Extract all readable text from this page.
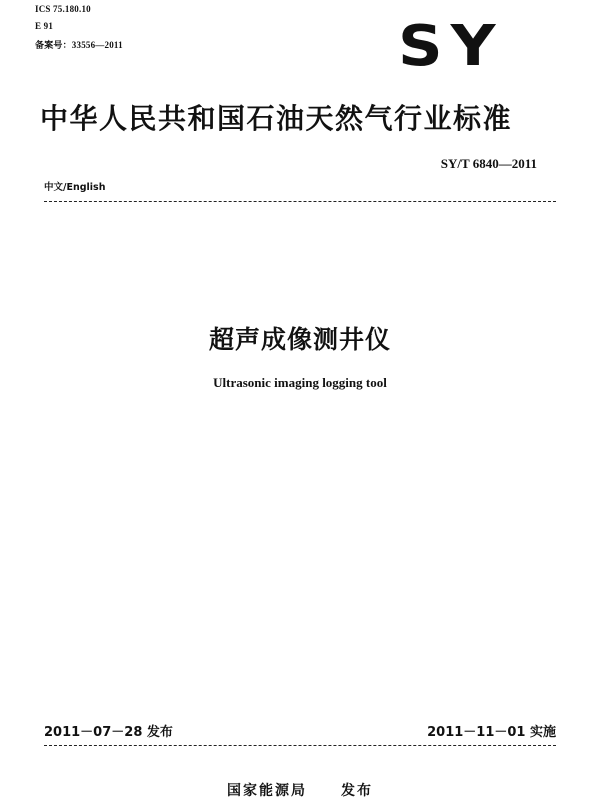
ICS 75.180.10
E 91
备案号：33556—2011	SY
中华人民共和国石油天然气行业标准
SY/T 6840—2011
中文/English
超声成像测井仪
Ultrasonic imaging logging tool
2011－07－28 发布	2011－11－01 实施
国家能源局 发布
